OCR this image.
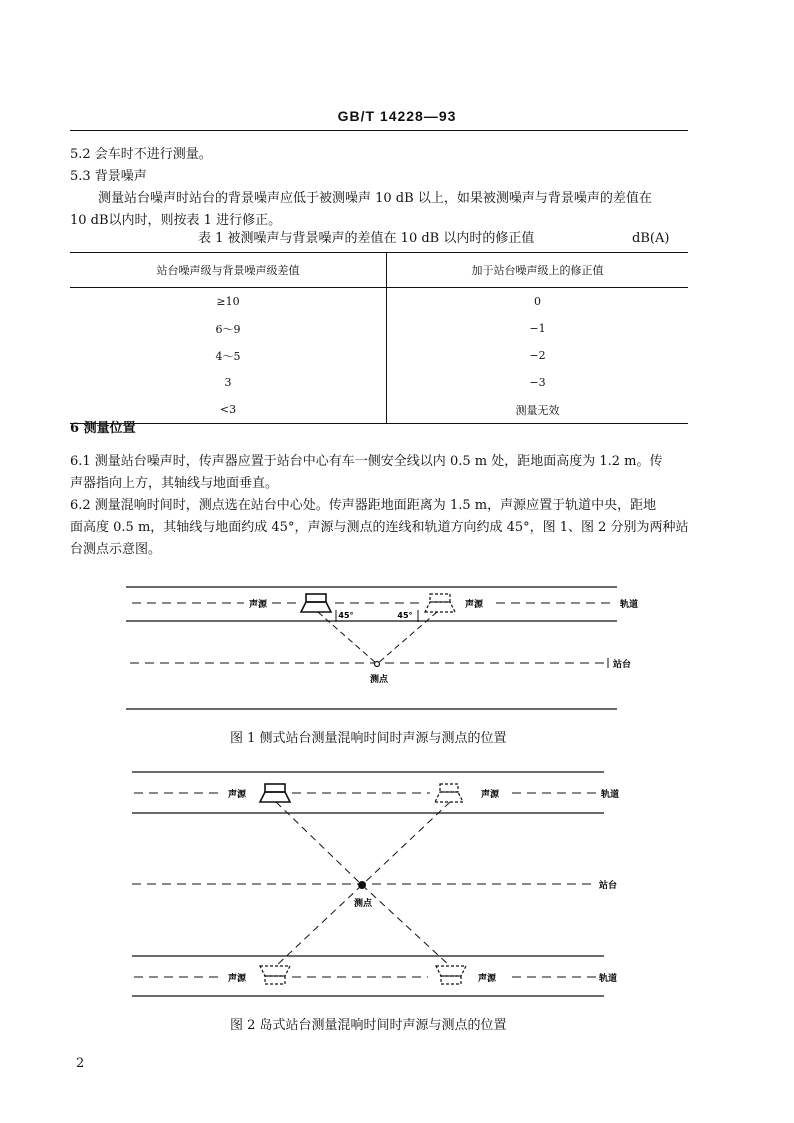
GB/T 14228—93
5.2 会车时不进行测量。
5.3 背景噪声
测量站台噪声时站台的背景噪声应低于被测噪声 10 dB 以上，如果被测噪声与背景噪声的差值在
10 dB以内时，则按表 1 进行修正。
表 1 被测噪声与背景噪声的差值在 10 dB 以内时的修正值	dB(A)
站台噪声级与背景噪声级差值	加于站台噪声级上的修正值
≥10	0
6～9	−1
4～5	−2
3	−3
<3	测量无效
6 测量位置
6.1 测量站台噪声时，传声器应置于站台中心有车一侧安全线以内 0.5 m 处，距地面高度为 1.2 m。传
声器指向上方，其轴线与地面垂直。
6.2 测量混响时间时，测点选在站台中心处。传声器距地面距离为 1.5 m，声源应置于轨道中央，距地
面高度 0.5 m，其轴线与地面约成 45°，声源与测点的连线和轨道方向约成 45°，图 1、图 2 分别为两种站
台测点示意图。
声源	声源	轨道
45°	45°
站台
测点
图 1 侧式站台测量混响时间时声源与测点的位置
声源	声源	轨道
站台
测点
声源	声源	轨道
图 2 岛式站台测量混响时间时声源与测点的位置
2
